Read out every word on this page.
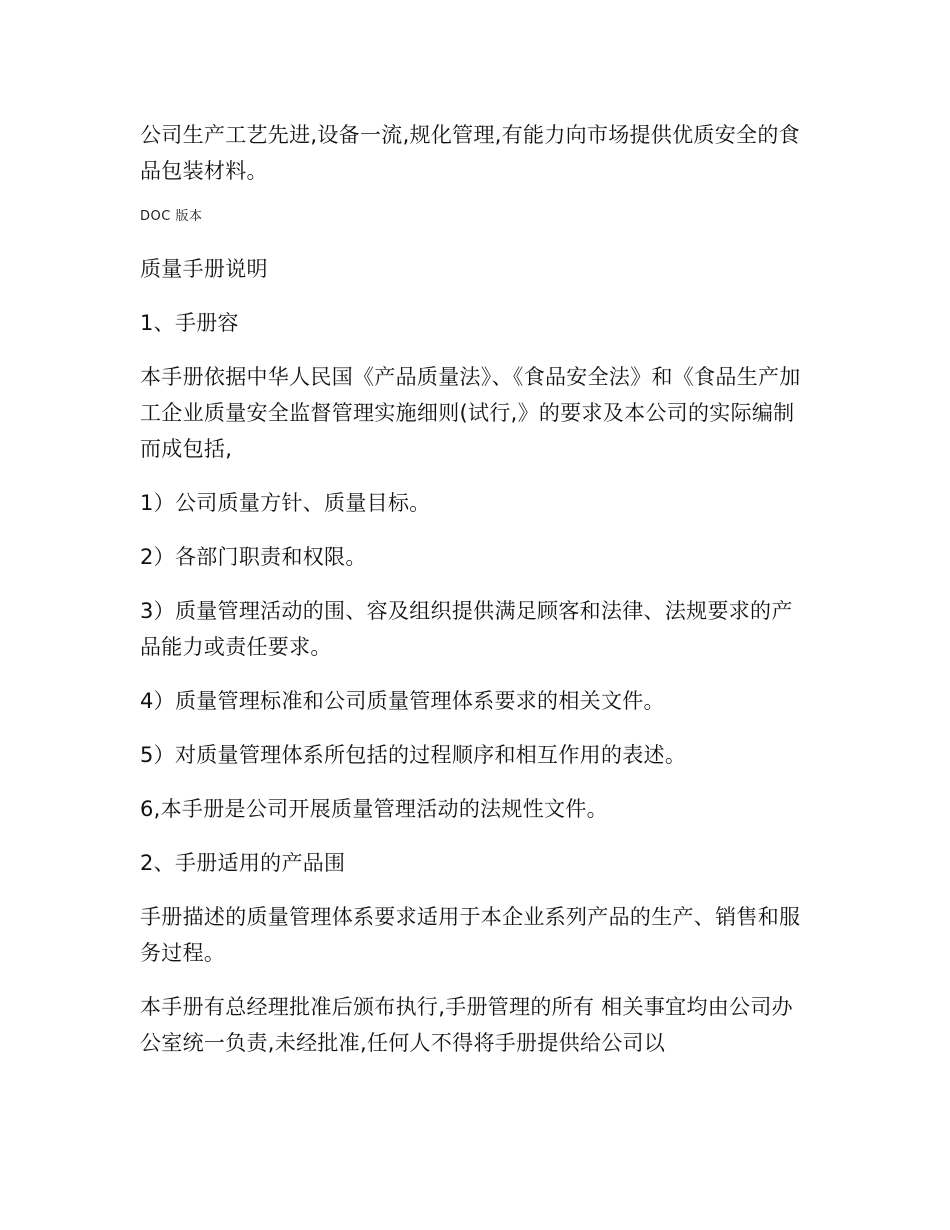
公司生产工艺先进,设备一流,规化管理,有能力向市场提供优质安全的食品包装材料。

DOC 版本

质量手册说明

1、手册容

本手册依据中华人民国《产品质量法》、《食品安全法》和《食品生产加工企业质量安全监督管理实施细则(试行,》的要求及本公司的实际编制而成包括,

1）公司质量方针、质量目标。

2）各部门职责和权限。

3）质量管理活动的围、容及组织提供满足顾客和法律、法规要求的产品能力或责任要求。

4）质量管理标准和公司质量管理体系要求的相关文件。

5）对质量管理体系所包括的过程顺序和相互作用的表述。

6,本手册是公司开展质量管理活动的法规性文件。

2、手册适用的产品围

手册描述的质量管理体系要求适用于本企业系列产品的生产、销售和服务过程。

本手册有总经理批准后颁布执行,手册管理的所有 相关事宜均由公司办公室统一负责,未经批准,任何人不得将手册提供给公司以
